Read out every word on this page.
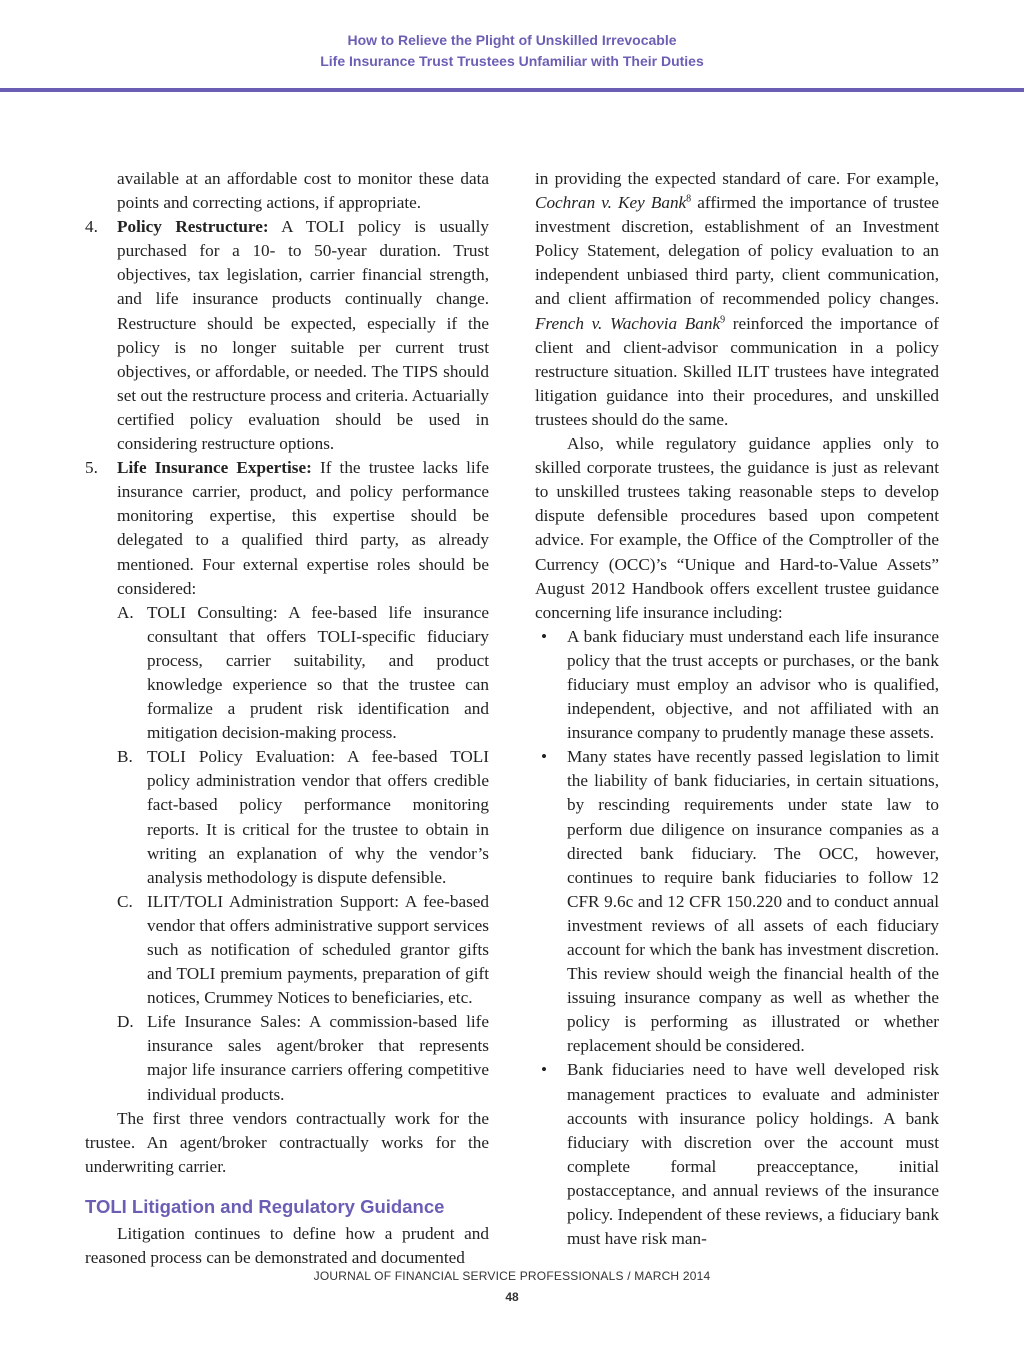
How to Relieve the Plight of Unskilled Irrevocable
Life Insurance Trust Trustees Unfamiliar with Their Duties

available at an affordable cost to monitor these data points and correcting actions, if appropriate.

4. Policy Restructure: A TOLI policy is usually purchased for a 10- to 50-year duration. Trust objectives, tax legislation, carrier financial strength, and life insurance products continually change. Restructure should be expected, especially if the policy is no longer suitable per current trust objectives, or affordable, or needed. The TIPS should set out the restructure process and criteria. Actuarially certified policy evaluation should be used in considering restructure options.

5. Life Insurance Expertise: If the trustee lacks life insurance carrier, product, and policy performance monitoring expertise, this expertise should be delegated to a qualified third party, as already mentioned. Four external expertise roles should be considered:

A. TOLI Consulting: A fee-based life insurance consultant that offers TOLI-specific fiduciary process, carrier suitability, and product knowledge experience so that the trustee can formalize a prudent risk identification and mitigation decision-making process.

B. TOLI Policy Evaluation: A fee-based TOLI policy administration vendor that offers credible fact-based policy performance monitoring reports. It is critical for the trustee to obtain in writing an explanation of why the vendor’s analysis methodology is dispute defensible.

C. ILIT/TOLI Administration Support: A fee-based vendor that offers administrative support services such as notification of scheduled grantor gifts and TOLI premium payments, preparation of gift notices, Crummey Notices to beneficiaries, etc.

D. Life Insurance Sales: A commission-based life insurance sales agent/broker that represents major life insurance carriers offering competitive individual products.

The first three vendors contractually work for the trustee. An agent/broker contractually works for the underwriting carrier.

TOLI Litigation and Regulatory Guidance

Litigation continues to define how a prudent and reasoned process can be demonstrated and documented

in providing the expected standard of care. For example, Cochran v. Key Bank$^8$ affirmed the importance of trustee investment discretion, establishment of an Investment Policy Statement, delegation of policy evaluation to an independent unbiased third party, client communication, and client affirmation of recommended policy changes. French v. Wachovia Bank$^9$ reinforced the importance of client and client-advisor communication in a policy restructure situation. Skilled ILIT trustees have integrated litigation guidance into their procedures, and unskilled trustees should do the same.

Also, while regulatory guidance applies only to skilled corporate trustees, the guidance is just as relevant to unskilled trustees taking reasonable steps to develop dispute defensible procedures based upon competent advice. For example, the Office of the Comptroller of the Currency (OCC)’s “Unique and Hard-to-Value Assets” August 2012 Handbook offers excellent trustee guidance concerning life insurance including:

• A bank fiduciary must understand each life insurance policy that the trust accepts or purchases, or the bank fiduciary must employ an advisor who is qualified, independent, objective, and not affiliated with an insurance company to prudently manage these assets.

• Many states have recently passed legislation to limit the liability of bank fiduciaries, in certain situations, by rescinding requirements under state law to perform due diligence on insurance companies as a directed bank fiduciary. The OCC, however, continues to require bank fiduciaries to follow 12 CFR 9.6c and 12 CFR 150.220 and to conduct annual investment reviews of all assets of each fiduciary account for which the bank has investment discretion. This review should weigh the financial health of the issuing insurance company as well as whether the policy is performing as illustrated or whether replacement should be considered.

• Bank fiduciaries need to have well developed risk management practices to evaluate and administer accounts with insurance policy holdings. A bank fiduciary with discretion over the account must complete formal preacceptance, initial postacceptance, and annual reviews of the insurance policy. Independent of these reviews, a fiduciary bank must have risk man-

JOURNAL OF FINANCIAL SERVICE PROFESSIONALS / MARCH 2014
48
